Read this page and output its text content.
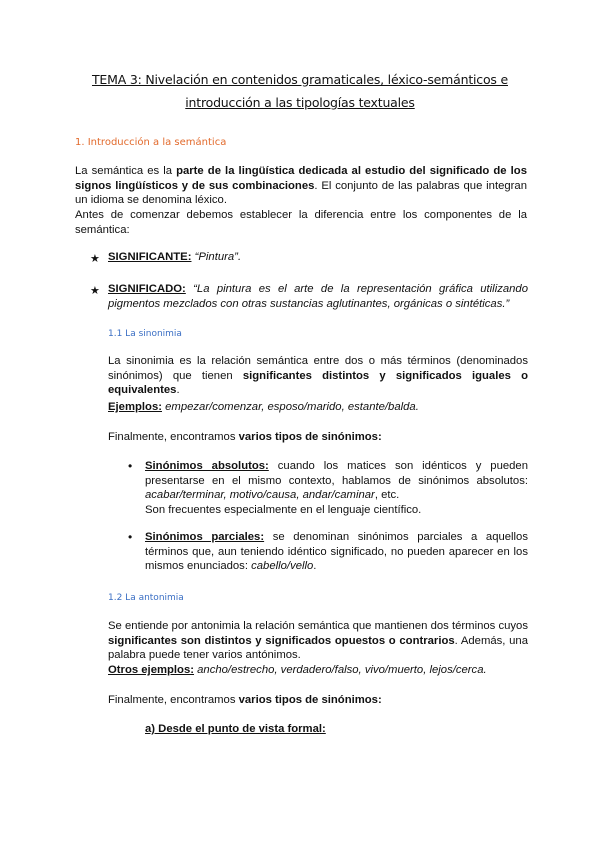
TEMA 3: Nivelación en contenidos gramaticales, léxico-semánticos e
introducción a las tipologías textuales
1. Introducción a la semántica
La semántica es la parte de la lingüística dedicada al estudio del significado de los signos lingüísticos y de sus combinaciones. El conjunto de las palabras que integran un idioma se denomina léxico.
Antes de comenzar debemos establecer la diferencia entre los componentes de la semántica:
★ SIGNIFICANTE: “Pintura”.
★ SIGNIFICADO: “La pintura es el arte de la representación gráfica utilizando pigmentos mezclados con otras sustancias aglutinantes, orgánicas o sintéticas.”
1.1 La sinonimia
La sinonimia es la relación semántica entre dos o más términos (denominados sinónimos) que tienen significantes distintos y significados iguales o equivalentes.
Ejemplos: empezar/comenzar, esposo/marido, estante/balda.
Finalmente, encontramos varios tipos de sinónimos:
• Sinónimos absolutos: cuando los matices son idénticos y pueden presentarse en el mismo contexto, hablamos de sinónimos absolutos: acabar/terminar, motivo/causa, andar/caminar, etc.
Son frecuentes especialmente en el lenguaje científico.
• Sinónimos parciales: se denominan sinónimos parciales a aquellos términos que, aun teniendo idéntico significado, no pueden aparecer en los mismos enunciados: cabello/vello.
1.2 La antonimia
Se entiende por antonimia la relación semántica que mantienen dos términos cuyos significantes son distintos y significados opuestos o contrarios. Además, una palabra puede tener varios antónimos.
Otros ejemplos: ancho/estrecho, verdadero/falso, vivo/muerto, lejos/cerca.
Finalmente, encontramos varios tipos de sinónimos:
a) Desde el punto de vista formal:
